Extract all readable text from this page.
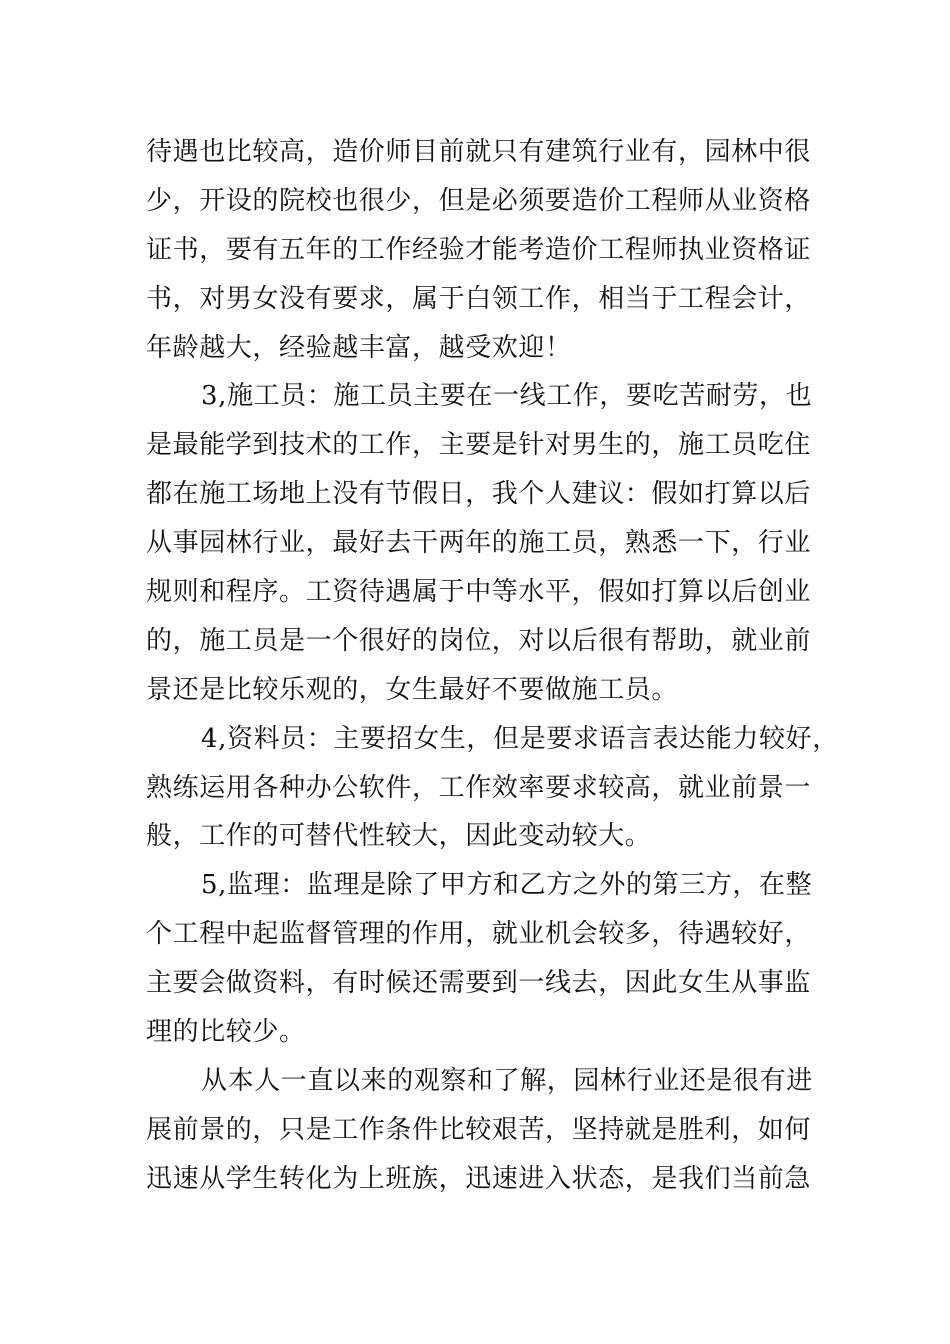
待遇也比较高，造价师目前就只有建筑行业有，园林中很
少，开设的院校也很少，但是必须要造价工程师从业资格
证书，要有五年的工作经验才能考造价工程师执业资格证
书，对男女没有要求，属于白领工作，相当于工程会计，
年龄越大，经验越丰富，越受欢迎！
3,施工员：施工员主要在一线工作，要吃苦耐劳，也
是最能学到技术的工作，主要是针对男生的，施工员吃住
都在施工场地上没有节假日，我个人建议：假如打算以后
从事园林行业，最好去干两年的施工员，熟悉一下，行业
规则和程序。工资待遇属于中等水平，假如打算以后创业
的，施工员是一个很好的岗位，对以后很有帮助，就业前
景还是比较乐观的，女生最好不要做施工员。
4,资料员：主要招女生，但是要求语言表达能力较好，
熟练运用各种办公软件，工作效率要求较高，就业前景一
般，工作的可替代性较大，因此变动较大。
5,监理：监理是除了甲方和乙方之外的第三方，在整
个工程中起监督管理的作用，就业机会较多，待遇较好，
主要会做资料，有时候还需要到一线去，因此女生从事监
理的比较少。
从本人一直以来的观察和了解，园林行业还是很有进
展前景的，只是工作条件比较艰苦，坚持就是胜利，如何
迅速从学生转化为上班族，迅速进入状态，是我们当前急
